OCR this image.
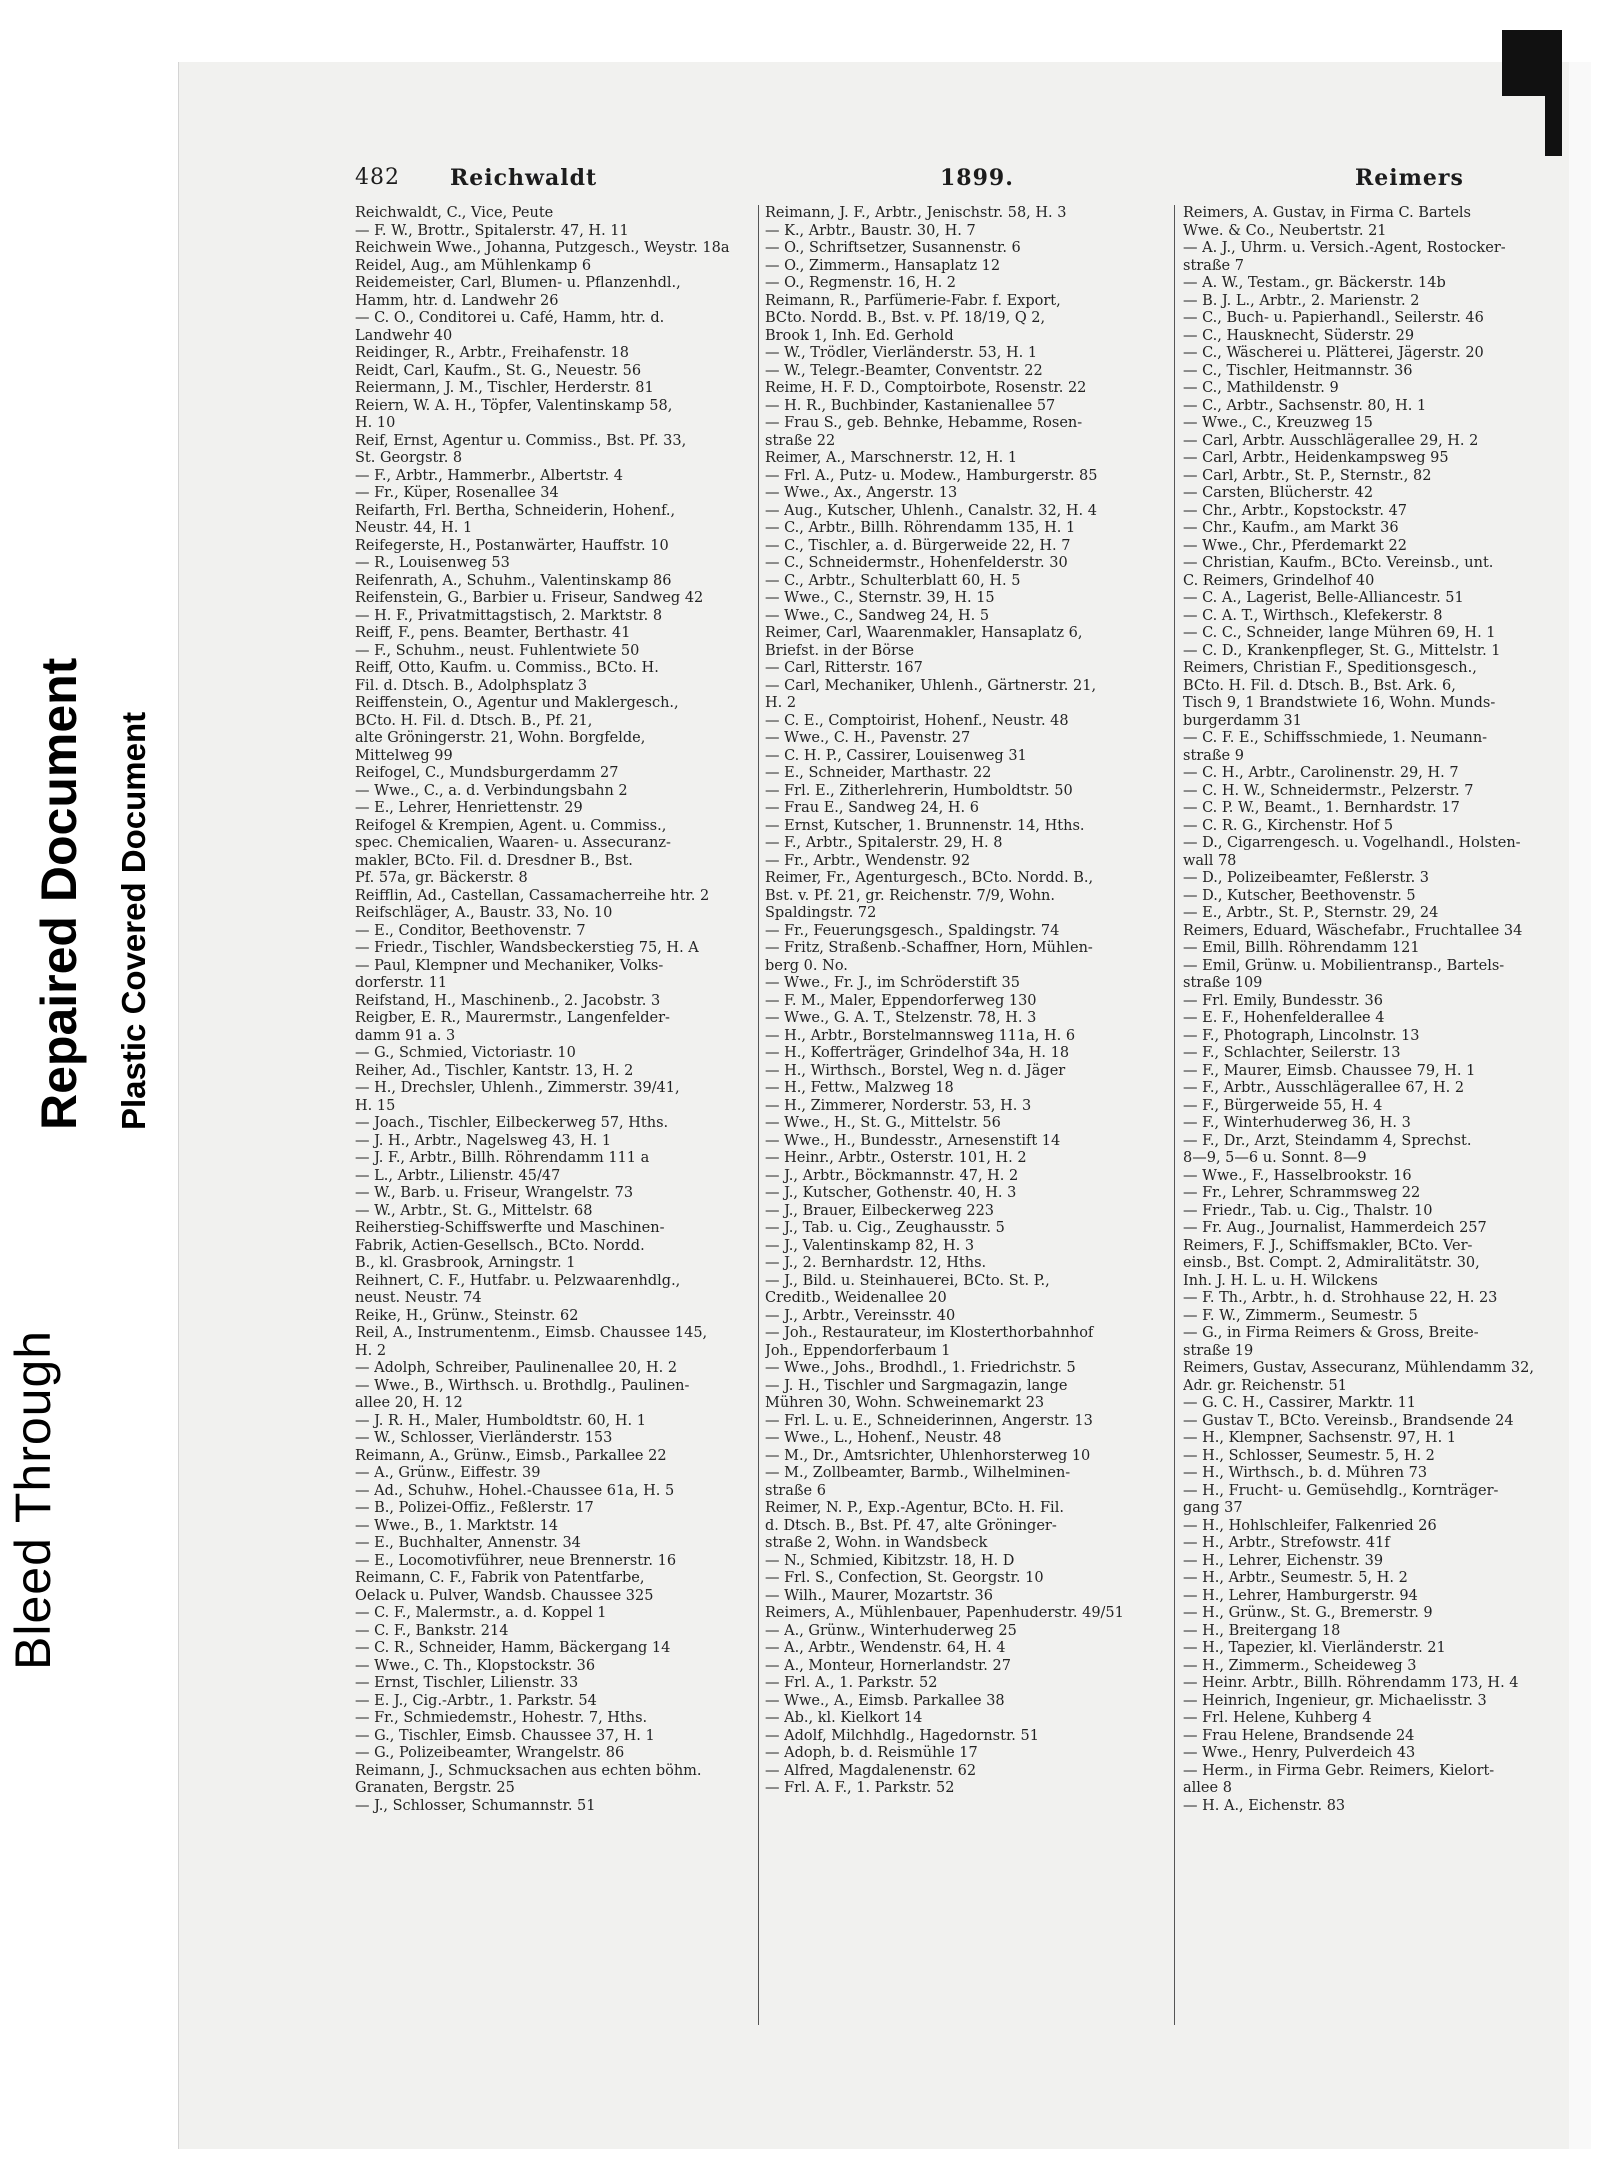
Bleed Through
Repaired Document Plastic Covered Document
482 Reichwaldt	1899.	Reimers
Reichwaldt, C., Vice, Peute
— F. W., Brottr., Spitalerstr. 47, H. 11
Reichwein Wwe., Johanna, Putzgesch., Weystr. 18a
Reidel, Aug., am Mühlenkamp 6
Reidemeister, Carl, Blumen- u. Pflanzenhdl.,
Hamm, htr. d. Landwehr 26
— C. O., Conditorei u. Café, Hamm, htr. d.
Landwehr 40
Reidinger, R., Arbtr., Freihafenstr. 18
Reidt, Carl, Kaufm., St. G., Neuestr. 56
Reiermann, J. M., Tischler, Herderstr. 81
Reiern, W. A. H., Töpfer, Valentinskamp 58,
H. 10
Reif, Ernst, Agentur u. Commiss., Bst. Pf. 33,
St. Georgstr. 8
— F., Arbtr., Hammerbr., Albertstr. 4
— Fr., Küper, Rosenallee 34
Reifarth, Frl. Bertha, Schneiderin, Hohenf.,
Neustr. 44, H. 1
Reifegerste, H., Postanwärter, Hauffstr. 10
— R., Louisenweg 53
Reifenrath, A., Schuhm., Valentinskamp 86
Reifenstein, G., Barbier u. Friseur, Sandweg 42
— H. F., Privatmittagstisch, 2. Marktstr. 8
Reiff, F., pens. Beamter, Berthastr. 41
— F., Schuhm., neust. Fuhlentwiete 50
Reiff, Otto, Kaufm. u. Commiss., BCto. H.
Fil. d. Dtsch. B., Adolphsplatz 3
Reiffenstein, O., Agentur und Maklergesch.,
BCto. H. Fil. d. Dtsch. B., Pf. 21,
alte Gröningerstr. 21, Wohn. Borgfelde,
Mittelweg 99
Reifogel, C., Mundsburgerdamm 27
— Wwe., C., a. d. Verbindungsbahn 2
— E., Lehrer, Henriettenstr. 29
Reifogel & Krempien, Agent. u. Commiss.,
spec. Chemicalien, Waaren- u. Assecuranz-
makler, BCto. Fil. d. Dresdner B., Bst.
Pf. 57a, gr. Bäckerstr. 8
Reifflin, Ad., Castellan, Cassamacherreihe htr. 2
Reifschläger, A., Baustr. 33, No. 10
— E., Conditor, Beethovenstr. 7
— Friedr., Tischler, Wandsbeckerstieg 75, H. A
— Paul, Klempner und Mechaniker, Volks-
dorferstr. 11
Reifstand, H., Maschinenb., 2. Jacobstr. 3
Reigber, E. R., Maurermstr., Langenfelder-
damm 91 a. 3
— G., Schmied, Victoriastr. 10
Reiher, Ad., Tischler, Kantstr. 13, H. 2
— H., Drechsler, Uhlenh., Zimmerstr. 39/41,
H. 15
— Joach., Tischler, Eilbeckerweg 57, Hths.
— J. H., Arbtr., Nagelsweg 43, H. 1
— J. F., Arbtr., Billh. Röhrendamm 111 a
— L., Arbtr., Lilienstr. 45/47
— W., Barb. u. Friseur, Wrangelstr. 73
— W., Arbtr., St. G., Mittelstr. 68
Reiherstieg-Schiffswerfte und Maschinen-
Fabrik, Actien-Gesellsch., BCto. Nordd.
B., kl. Grasbrook, Arningstr. 1
Reihnert, C. F., Hutfabr. u. Pelzwaarenhdlg.,
neust. Neustr. 74
Reike, H., Grünw., Steinstr. 62
Reil, A., Instrumentenm., Eimsb. Chaussee 145,
H. 2
— Adolph, Schreiber, Paulinenallee 20, H. 2
— Wwe., B., Wirthsch. u. Brothdlg., Paulinen-
allee 20, H. 12
— J. R. H., Maler, Humboldtstr. 60, H. 1
— W., Schlosser, Vierländerstr. 153
Reimann, A., Grünw., Eimsb., Parkallee 22
— A., Grünw., Eiffestr. 39
— Ad., Schuhw., Hohel.-Chaussee 61a, H. 5
— B., Polizei-Offiz., Feßlerstr. 17
— Wwe., B., 1. Marktstr. 14
— E., Buchhalter, Annenstr. 34
— E., Locomotivführer, neue Brennerstr. 16
Reimann, C. F., Fabrik von Patentfarbe,
Oelack u. Pulver, Wandsb. Chaussee 325
— C. F., Malermstr., a. d. Koppel 1
— C. F., Bankstr. 214
— C. R., Schneider, Hamm, Bäckergang 14
— Wwe., C. Th., Klopstockstr. 36
— Ernst, Tischler, Lilienstr. 33
— E. J., Cig.-Arbtr., 1. Parkstr. 54
— Fr., Schmiedemstr., Hohestr. 7, Hths.
— G., Tischler, Eimsb. Chaussee 37, H. 1
— G., Polizeibeamter, Wrangelstr. 86
Reimann, J., Schmucksachen aus echten böhm.
Granaten, Bergstr. 25
— J., Schlosser, Schumannstr. 51
Reimann, J. F., Arbtr., Jenischstr. 58, H. 3
— K., Arbtr., Baustr. 30, H. 7
— O., Schriftsetzer, Susannenstr. 6
— O., Zimmerm., Hansaplatz 12
— O., Regmenstr. 16, H. 2
Reimann, R., Parfümerie-Fabr. f. Export,
BCto. Nordd. B., Bst. v. Pf. 18/19, Q 2,
Brook 1, Inh. Ed. Gerhold
— W., Trödler, Vierländerstr. 53, H. 1
— W., Telegr.-Beamter, Conventstr. 22
Reime, H. F. D., Comptoirbote, Rosenstr. 22
— H. R., Buchbinder, Kastanienallee 57
— Frau S., geb. Behnke, Hebamme, Rosen-
straße 22
Reimer, A., Marschnerstr. 12, H. 1
— Frl. A., Putz- u. Modew., Hamburgerstr. 85
— Wwe., Ax., Angerstr. 13
— Aug., Kutscher, Uhlenh., Canalstr. 32, H. 4
— C., Arbtr., Billh. Röhrendamm 135, H. 1
— C., Tischler, a. d. Bürgerweide 22, H. 7
— C., Schneidermstr., Hohenfelderstr. 30
— C., Arbtr., Schulterblatt 60, H. 5
— Wwe., C., Sternstr. 39, H. 15
— Wwe., C., Sandweg 24, H. 5
Reimer, Carl, Waarenmakler, Hansaplatz 6,
Briefst. in der Börse
— Carl, Ritterstr. 167
— Carl, Mechaniker, Uhlenh., Gärtnerstr. 21,
H. 2
— C. E., Comptoirist, Hohenf., Neustr. 48
— Wwe., C. H., Pavenstr. 27
— C. H. P., Cassirer, Louisenweg 31
— E., Schneider, Marthastr. 22
— Frl. E., Zitherlehrerin, Humboldtstr. 50
— Frau E., Sandweg 24, H. 6
— Ernst, Kutscher, 1. Brunnenstr. 14, Hths.
— F., Arbtr., Spitalerstr. 29, H. 8
— Fr., Arbtr., Wendenstr. 92
Reimer, Fr., Agenturgesch., BCto. Nordd. B.,
Bst. v. Pf. 21, gr. Reichenstr. 7/9, Wohn.
Spaldingstr. 72
— Fr., Feuerungsgesch., Spaldingstr. 74
— Fritz, Straßenb.-Schaffner, Horn, Mühlen-
berg 0. No.
— Wwe., Fr. J., im Schröderstift 35
— F. M., Maler, Eppendorferweg 130
— Wwe., G. A. T., Stelzenstr. 78, H. 3
— H., Arbtr., Borstelmannsweg 111a, H. 6
— H., Kofferträger, Grindelhof 34a, H. 18
— H., Wirthsch., Borstel, Weg n. d. Jäger
— H., Fettw., Malzweg 18
— H., Zimmerer, Norderstr. 53, H. 3
— Wwe., H., St. G., Mittelstr. 56
— Wwe., H., Bundesstr., Arnesenstift 14
— Heinr., Arbtr., Osterstr. 101, H. 2
— J., Arbtr., Böckmannstr. 47, H. 2
— J., Kutscher, Gothenstr. 40, H. 3
— J., Brauer, Eilbeckerweg 223
— J., Tab. u. Cig., Zeughausstr. 5
— J., Valentinskamp 82, H. 3
— J., 2. Bernhardstr. 12, Hths.
— J., Bild. u. Steinhauerei, BCto. St. P.,
Creditb., Weidenallee 20
— J., Arbtr., Vereinsstr. 40
— Joh., Restaurateur, im Klosterthorbahnhof
Joh., Eppendorferbaum 1
— Wwe., Johs., Brodhdl., 1. Friedrichstr. 5
— J. H., Tischler und Sargmagazin, lange
Mühren 30, Wohn. Schweinemarkt 23
— Frl. L. u. E., Schneiderinnen, Angerstr. 13
— Wwe., L., Hohenf., Neustr. 48
— M., Dr., Amtsrichter, Uhlenhorsterweg 10
— M., Zollbeamter, Barmb., Wilhelminen-
straße 6
Reimer, N. P., Exp.-Agentur, BCto. H. Fil.
d. Dtsch. B., Bst. Pf. 47, alte Gröninger-
straße 2, Wohn. in Wandsbeck
— N., Schmied, Kibitzstr. 18, H. D
— Frl. S., Confection, St. Georgstr. 10
— Wilh., Maurer, Mozartstr. 36
Reimers, A., Mühlenbauer, Papenhuderstr. 49/51
— A., Grünw., Winterhuderweg 25
— A., Arbtr., Wendenstr. 64, H. 4
— A., Monteur, Hornerlandstr. 27
— Frl. A., 1. Parkstr. 52
— Wwe., A., Eimsb. Parkallee 38
— Ab., kl. Kielkort 14
— Adolf, Milchhdlg., Hagedornstr. 51
— Adoph, b. d. Reismühle 17
— Alfred, Magdalenenstr. 62
— Frl. A. F., 1. Parkstr. 52
Reimers, A. Gustav, in Firma C. Bartels
Wwe. & Co., Neubertstr. 21
— A. J., Uhrm. u. Versich.-Agent, Rostocker-
straße 7
— A. W., Testam., gr. Bäckerstr. 14b
— B. J. L., Arbtr., 2. Marienstr. 2
— C., Buch- u. Papierhandl., Seilerstr. 46
— C., Hausknecht, Süderstr. 29
— C., Wäscherei u. Plätterei, Jägerstr. 20
— C., Tischler, Heitmannstr. 36
— C., Mathildenstr. 9
— C., Arbtr., Sachsenstr. 80, H. 1
— Wwe., C., Kreuzweg 15
— Carl, Arbtr. Ausschlägerallee 29, H. 2
— Carl, Arbtr., Heidenkampsweg 95
— Carl, Arbtr., St. P., Sternstr., 82
— Carsten, Blücherstr. 42
— Chr., Arbtr., Kopstockstr. 47
— Chr., Kaufm., am Markt 36
— Wwe., Chr., Pferdemarkt 22
— Christian, Kaufm., BCto. Vereinsb., unt.
C. Reimers, Grindelhof 40
— C. A., Lagerist, Belle-Alliancestr. 51
— C. A. T., Wirthsch., Klefekerstr. 8
— C. C., Schneider, lange Mühren 69, H. 1
— C. D., Krankenpfleger, St. G., Mittelstr. 1
Reimers, Christian F., Speditionsgesch.,
BCto. H. Fil. d. Dtsch. B., Bst. Ark. 6,
Tisch 9, 1 Brandstwiete 16, Wohn. Munds-
burgerdamm 31
— C. F. E., Schiffsschmiede, 1. Neumann-
straße 9
— C. H., Arbtr., Carolinenstr. 29, H. 7
— C. H. W., Schneidermstr., Pelzerstr. 7
— C. P. W., Beamt., 1. Bernhardstr. 17
— C. R. G., Kirchenstr. Hof 5
— D., Cigarrengesch. u. Vogelhandl., Holsten-
wall 78
— D., Polizeibeamter, Feßlerstr. 3
— D., Kutscher, Beethovenstr. 5
— E., Arbtr., St. P., Sternstr. 29, 24
Reimers, Eduard, Wäschefabr., Fruchtallee 34
— Emil, Billh. Röhrendamm 121
— Emil, Grünw. u. Mobilientransp., Bartels-
straße 109
— Frl. Emily, Bundesstr. 36
— E. F., Hohenfelderallee 4
— F., Photograph, Lincolnstr. 13
— F., Schlachter, Seilerstr. 13
— F., Maurer, Eimsb. Chaussee 79, H. 1
— F., Arbtr., Ausschlägerallee 67, H. 2
— F., Bürgerweide 55, H. 4
— F., Winterhuderweg 36, H. 3
— F., Dr., Arzt, Steindamm 4, Sprechst.
8—9, 5—6 u. Sonnt. 8—9
— Wwe., F., Hasselbrookstr. 16
— Fr., Lehrer, Schrammsweg 22
— Friedr., Tab. u. Cig., Thalstr. 10
— Fr. Aug., Journalist, Hammerdeich 257
Reimers, F. J., Schiffsmakler, BCto. Ver-
einsb., Bst. Compt. 2, Admiralitätstr. 30,
Inh. J. H. L. u. H. Wilckens
— F. Th., Arbtr., h. d. Strohhause 22, H. 23
— F. W., Zimmerm., Seumestr. 5
— G., in Firma Reimers & Gross, Breite-
straße 19
Reimers, Gustav, Assecuranz, Mühlendamm 32,
Adr. gr. Reichenstr. 51
— G. C. H., Cassirer, Marktr. 11
— Gustav T., BCto. Vereinsb., Brandsende 24
— H., Klempner, Sachsenstr. 97, H. 1
— H., Schlosser, Seumestr. 5, H. 2
— H., Wirthsch., b. d. Mühren 73
— H., Frucht- u. Gemüsehdlg., Kornträger-
gang 37
— H., Hohlschleifer, Falkenried 26
— H., Arbtr., Strefowstr. 41f
— H., Lehrer, Eichenstr. 39
— H., Arbtr., Seumestr. 5, H. 2
— H., Lehrer, Hamburgerstr. 94
— H., Grünw., St. G., Bremerstr. 9
— H., Breitergang 18
— H., Tapezier, kl. Vierländerstr. 21
— H., Zimmerm., Scheideweg 3
— Heinr. Arbtr., Billh. Röhrendamm 173, H. 4
— Heinrich, Ingenieur, gr. Michaelisstr. 3
— Frl. Helene, Kuhberg 4
— Frau Helene, Brandsende 24
— Wwe., Henry, Pulverdeich 43
— Herm., in Firma Gebr. Reimers, Kielort-
allee 8
— H. A., Eichenstr. 83
